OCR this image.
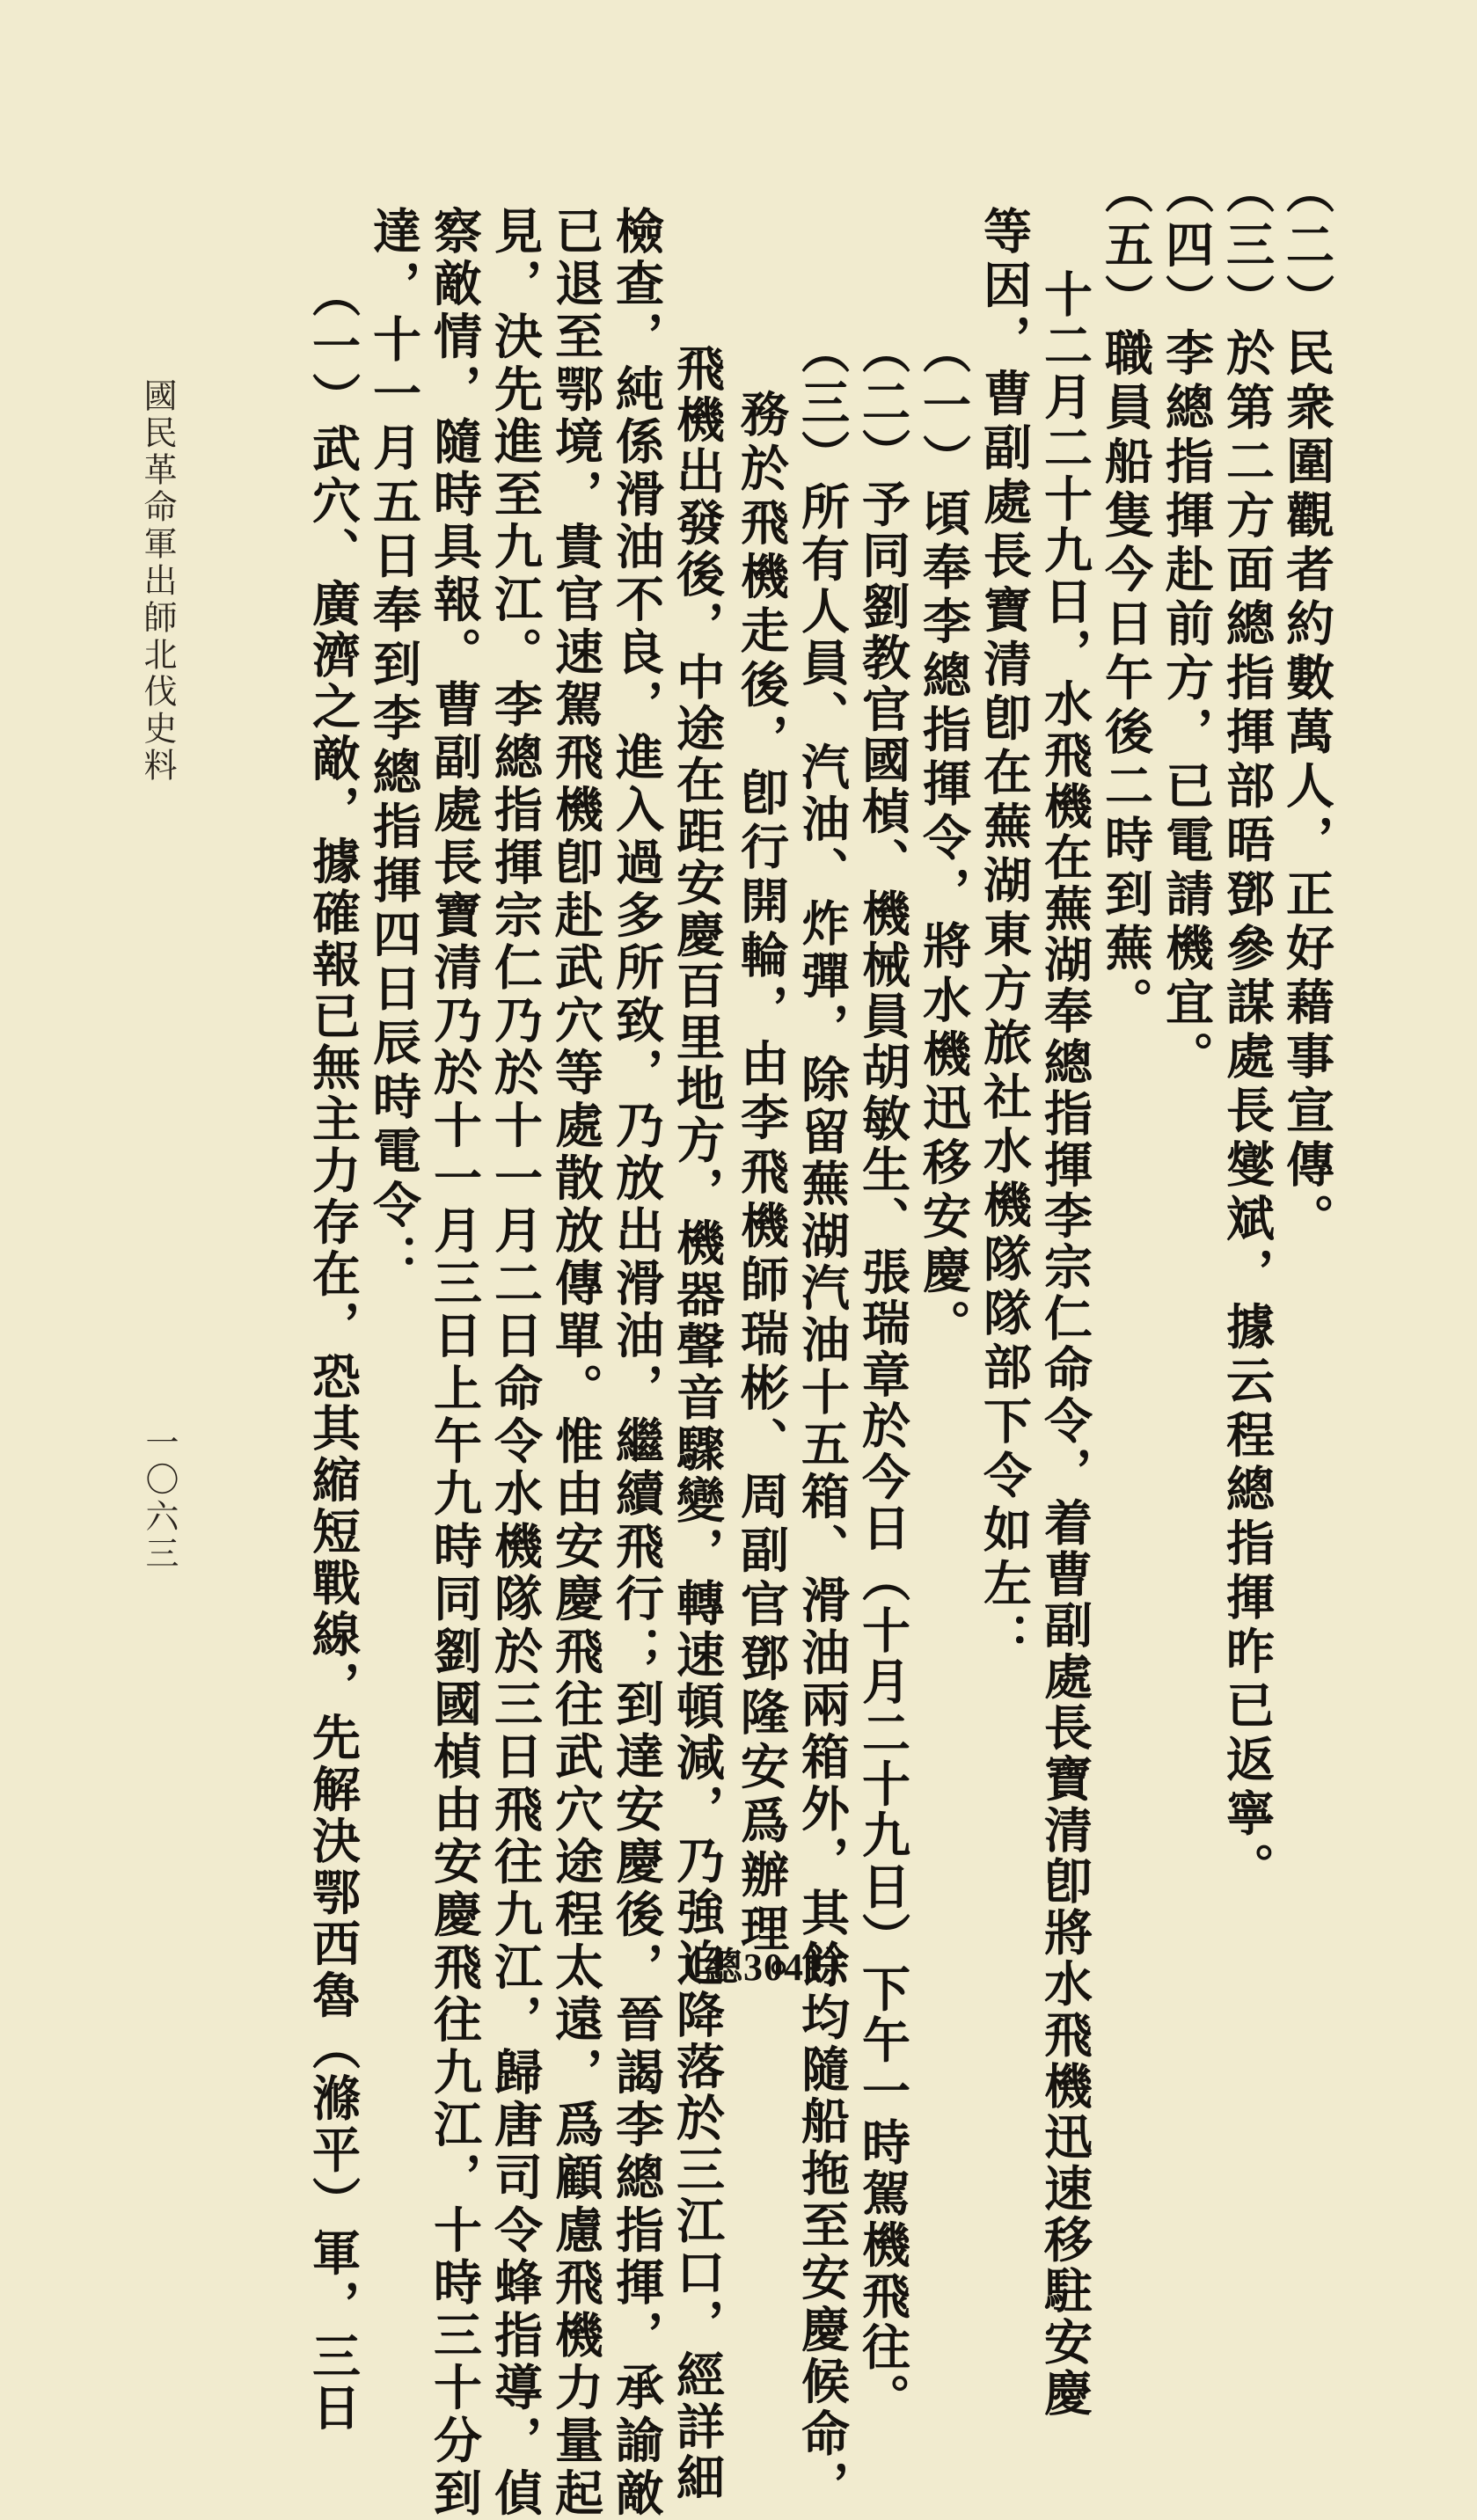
（二）民衆圍觀者約數萬人，正好藉事宣傳。
（三）於第二方面總指揮部晤鄧參謀處長燮斌，據云程總指揮昨已返寧。
（四）李總指揮赴前方，已電請機宜。
（五）職員船隻今日午後二時到蕪。
十二月二十九日，水飛機在蕪湖奉總指揮李宗仁命令，着曹副處長寶清卽將水飛機迅速移駐安慶
等因，曹副處長寶清卽在蕪湖東方旅社水機隊隊部下令如左：
（一）頃奉李總指揮令，將水機迅移安慶。
（二）予同劉教官國楨、機械員胡敏生、張瑞章於今日（十月二十九日）下午一時駕機飛往。
（三）所有人員、汽油、炸彈，除留蕪湖汽油十五箱、滑油兩箱外，其餘均隨船拖至安慶候命，
務於飛機走後，卽行開輪，由李飛機師瑞彬、周副官鄧隆安爲辦理。
飛機出發後，中途在距安慶百里地方，機器聲音驟變，轉速頓減，乃強迫降落於三江口，經詳細
檢查，純係滑油不良，進入過多所致，乃放出滑油，繼續飛行；到達安慶後，晉謁李總指揮，承諭敵
已退至鄂境，貴官速駕飛機卽赴武穴等處散放傳單。惟由安慶飛往武穴途程太遠，爲顧慮飛機力量起
見，決先進至九江。李總指揮宗仁乃於十一月二日命令水機隊於三日飛往九江，歸唐司令蜂指導，偵
察敵情，隨時具報。曹副處長寶清乃於十一月三日上午九時同劉國楨由安慶飛往九江，十時三十分到
達，十一月五日奉到李總指揮四日辰時電令：
（一）武穴、廣濟之敵，據確報已無主力存在，恐其縮短戰線，先解決鄂西魯（滌平）軍，三日
國民革命軍出師北伐史料
一〇六三
（總3041）
